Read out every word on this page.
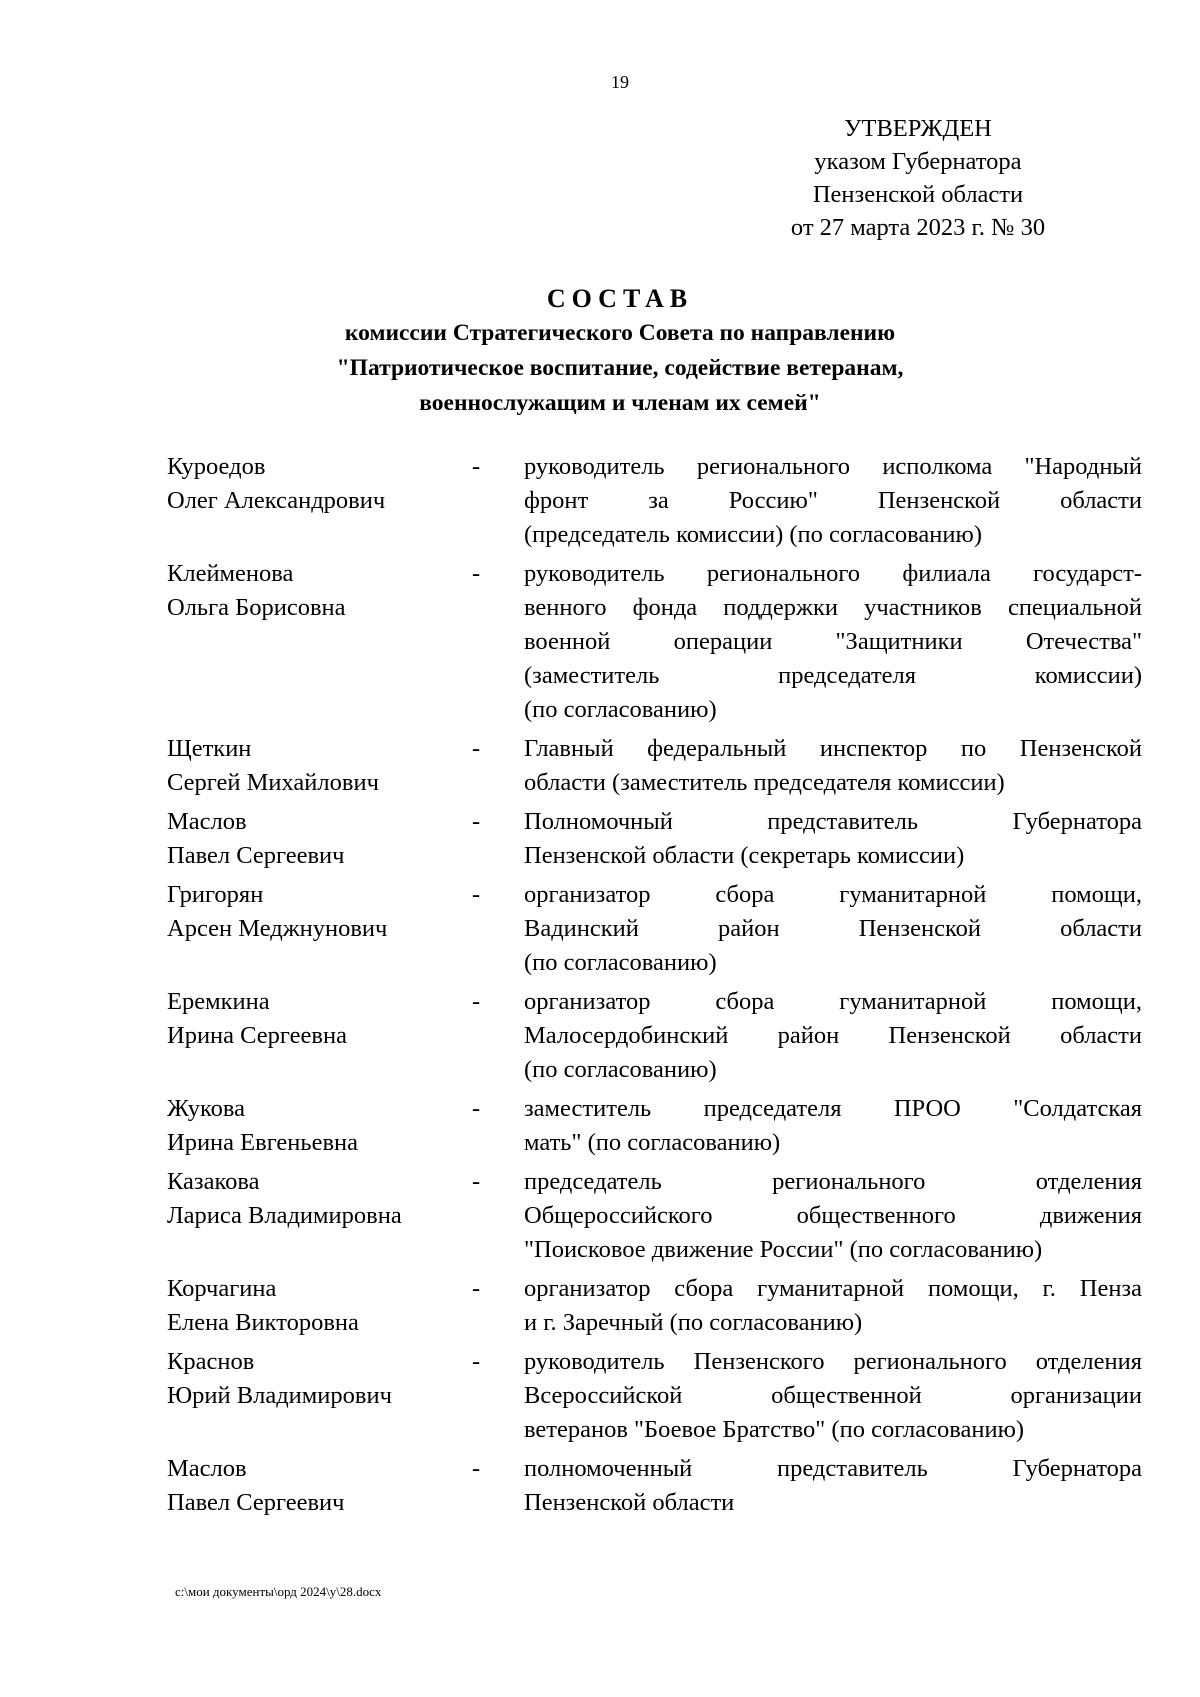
19
УТВЕРЖДЕН
указом Губернатора
Пензенской области
от 27 марта 2023 г. № 30
СОСТАВ
комиссии Стратегического Совета по направлению
"Патриотическое воспитание, содействие ветеранам,
военнослужащим и членам их семей"
Куроедов
Олег Александрович
-	руководитель регионального исполкома "Народный
фронт за Россию" Пензенской области
(председатель комиссии) (по согласованию)
Клейменова
Ольга Борисовна
-	руководитель регионального филиала государст-
венного фонда поддержки участников специальной
военной операции "Защитники Отечества"
(заместитель председателя комиссии)
(по согласованию)
Щеткин
Сергей Михайлович
-	Главный федеральный инспектор по Пензенской
области (заместитель председателя комиссии)
Маслов
Павел Сергеевич
-	Полномочный представитель Губернатора
Пензенской области (секретарь комиссии)
Григорян
Арсен Меджнунович
-	организатор сбора гуманитарной помощи,
Вадинский район Пензенской области
(по согласованию)
Еремкина
Ирина Сергеевна
-	организатор сбора гуманитарной помощи,
Малосердобинский район Пензенской области
(по согласованию)
Жукова
Ирина Евгеньевна
-	заместитель председателя ПРОО "Солдатская
мать" (по согласованию)
Казакова
Лариса Владимировна
-	председатель регионального отделения
Общероссийского общественного движения
"Поисковое движение России" (по согласованию)
Корчагина
Елена Викторовна
-	организатор сбора гуманитарной помощи, г. Пенза
и г. Заречный (по согласованию)
Краснов
Юрий Владимирович
-	руководитель Пензенского регионального отделения
Всероссийской общественной организации
ветеранов "Боевое Братство" (по согласованию)
Маслов
Павел Сергеевич
-	полномоченный представитель Губернатора
Пензенской области
c:\мои документы\орд 2024\у\28.docx
